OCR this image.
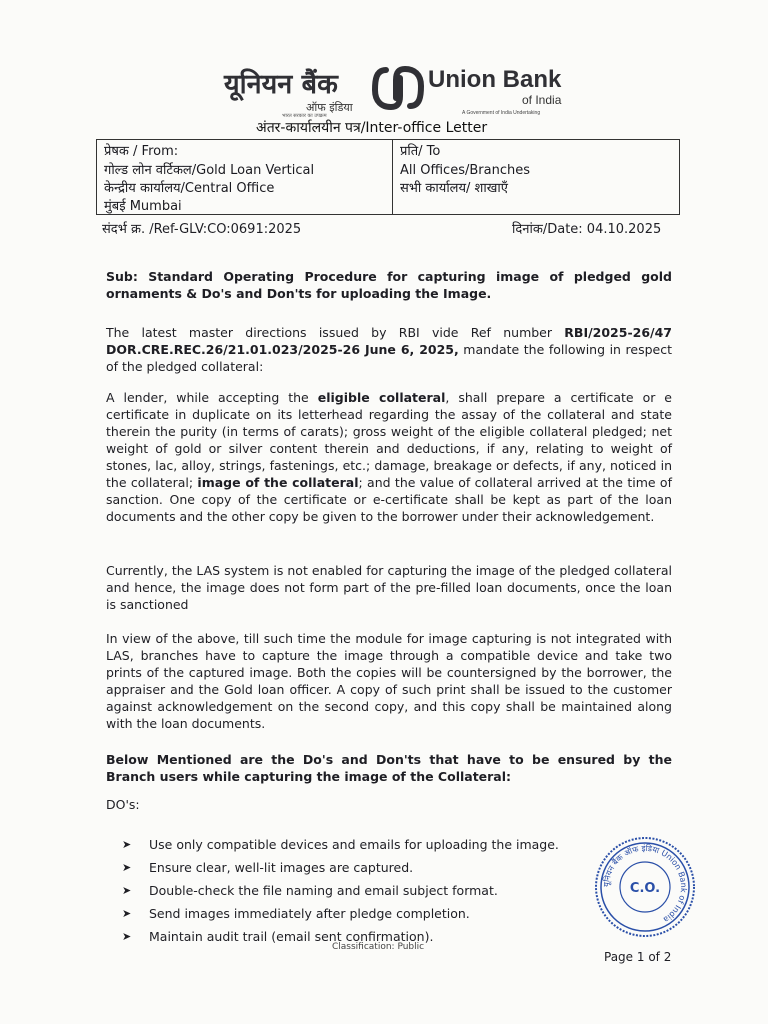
यूनियन बैंक
ऑफ इंडिया
भारत सरकार का उपक्रम
Union Bank
of India
A Government of India Undertaking
अंतर-कार्यालयीन पत्र/Inter-office Letter
प्रेषक / From:
गोल्ड लोन वर्टिकल/Gold Loan Vertical
केन्द्रीय कार्यालय/Central Office
मुंबई Mumbai
प्रति/ To
All Offices/Branches
सभी कार्यालय/ शाखाएँ
संदर्भ क्र. /Ref-GLV:CO:0691:2025	दिनांक/Date: 04.10.2025
Sub: Standard Operating Procedure for capturing image of pledged gold ornaments & Do's and Don'ts for uploading the Image.
The latest master directions issued by RBI vide Ref number RBI/2025-26/47 DOR.CRE.REC.26/21.01.023/2025-26 June 6, 2025, mandate the following in respect of the pledged collateral:
A lender, while accepting the eligible collateral, shall prepare a certificate or e certificate in duplicate on its letterhead regarding the assay of the collateral and state therein the purity (in terms of carats); gross weight of the eligible collateral pledged; net weight of gold or silver content therein and deductions, if any, relating to weight of stones, lac, alloy, strings, fastenings, etc.; damage, breakage or defects, if any, noticed in the collateral; image of the collateral; and the value of collateral arrived at the time of sanction. One copy of the certificate or e-certificate shall be kept as part of the loan documents and the other copy be given to the borrower under their acknowledgement.
Currently, the LAS system is not enabled for capturing the image of the pledged collateral and hence, the image does not form part of the pre-filled loan documents, once the loan is sanctioned
In view of the above, till such time the module for image capturing is not integrated with LAS, branches have to capture the image through a compatible device and take two prints of the captured image. Both the copies will be countersigned by the borrower, the appraiser and the Gold loan officer. A copy of such print shall be issued to the customer against acknowledgement on the second copy, and this copy shall be maintained along with the loan documents.
Below Mentioned are the Do's and Don'ts that have to be ensured by the Branch users while capturing the image of the Collateral:
DO's:
➤	Use only compatible devices and emails for uploading the image.
➤	Ensure clear, well-lit images are captured.
➤	Double-check the file naming and email subject format.
➤	Send images immediately after pledge completion.
➤	Maintain audit trail (email sent confirmation).
यूनियन बैंक ऑफ इंडिया Union Bank of India
C.O.
Classification: Public
Page 1 of 2
